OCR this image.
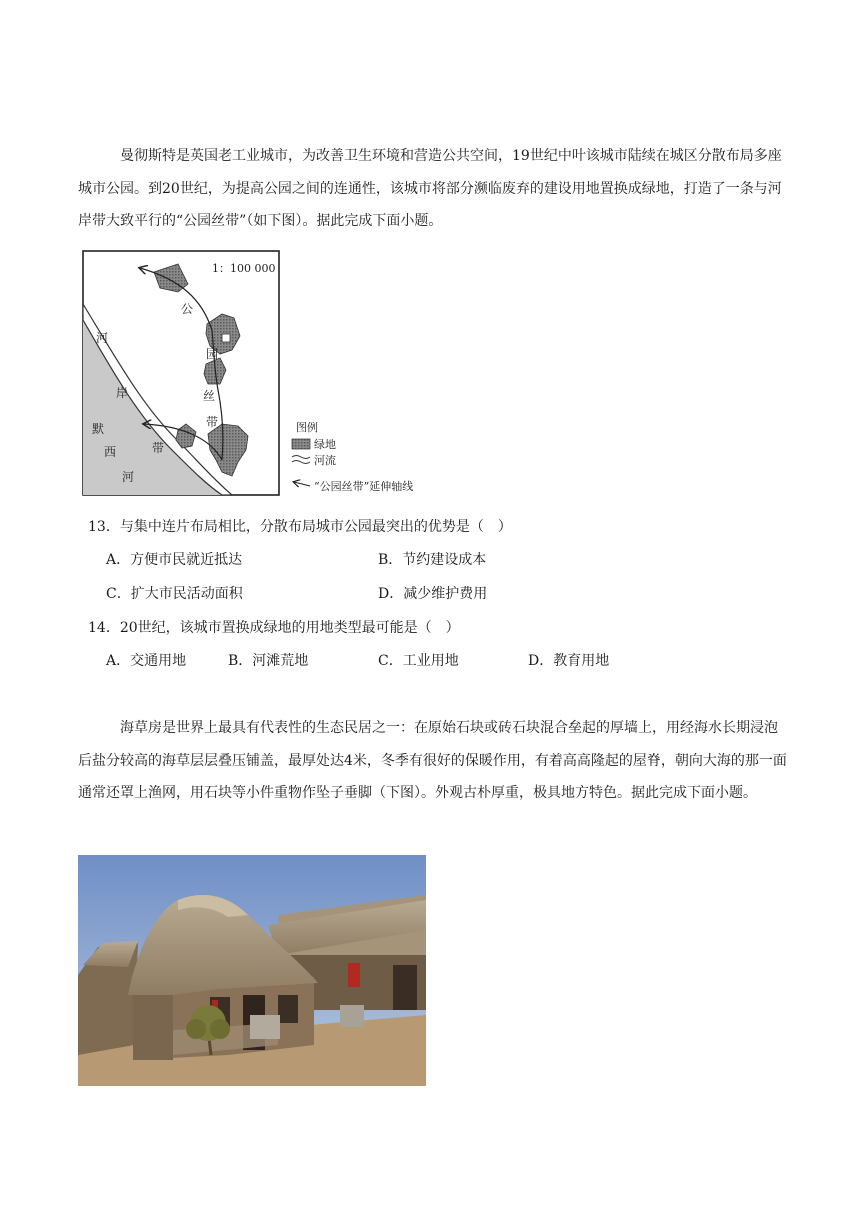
曼彻斯特是英国老工业城市，为改善卫生环境和营造公共空间，19世纪中叶该城市陆续在城区分散布局多座城市公园。到20世纪，为提高公园之间的连通性，该城市将部分濒临废弃的建设用地置换成绿地，打造了一条与河岸带大致平行的“公园丝带”（如下图）。据此完成下面小题。

1：100 000
河
岸
带
默
西
河
公
园
丝
带	图例
绿地
河流
“公园丝带”延伸轴线
13．与集中连片布局相比，分散布局城市公园最突出的优势是（　）
A．方便市民就近抵达	B．节约建设成本
C．扩大市民活动面积	D．减少维护费用
14．20世纪，该城市置换成绿地的用地类型最可能是（　）
A．交通用地	B．河滩荒地	C．工业用地	D．教育用地

海草房是世界上最具有代表性的生态民居之一：在原始石块或砖石块混合垒起的厚墙上，用经海水长期浸泡后盐分较高的海草层层叠压铺盖，最厚处达4米，冬季有很好的保暖作用，有着高高隆起的屋脊，朝向大海的那一面通常还罩上渔网，用石块等小件重物作坠子垂脚（下图）。外观古朴厚重，极具地方特色。据此完成下面小题。
